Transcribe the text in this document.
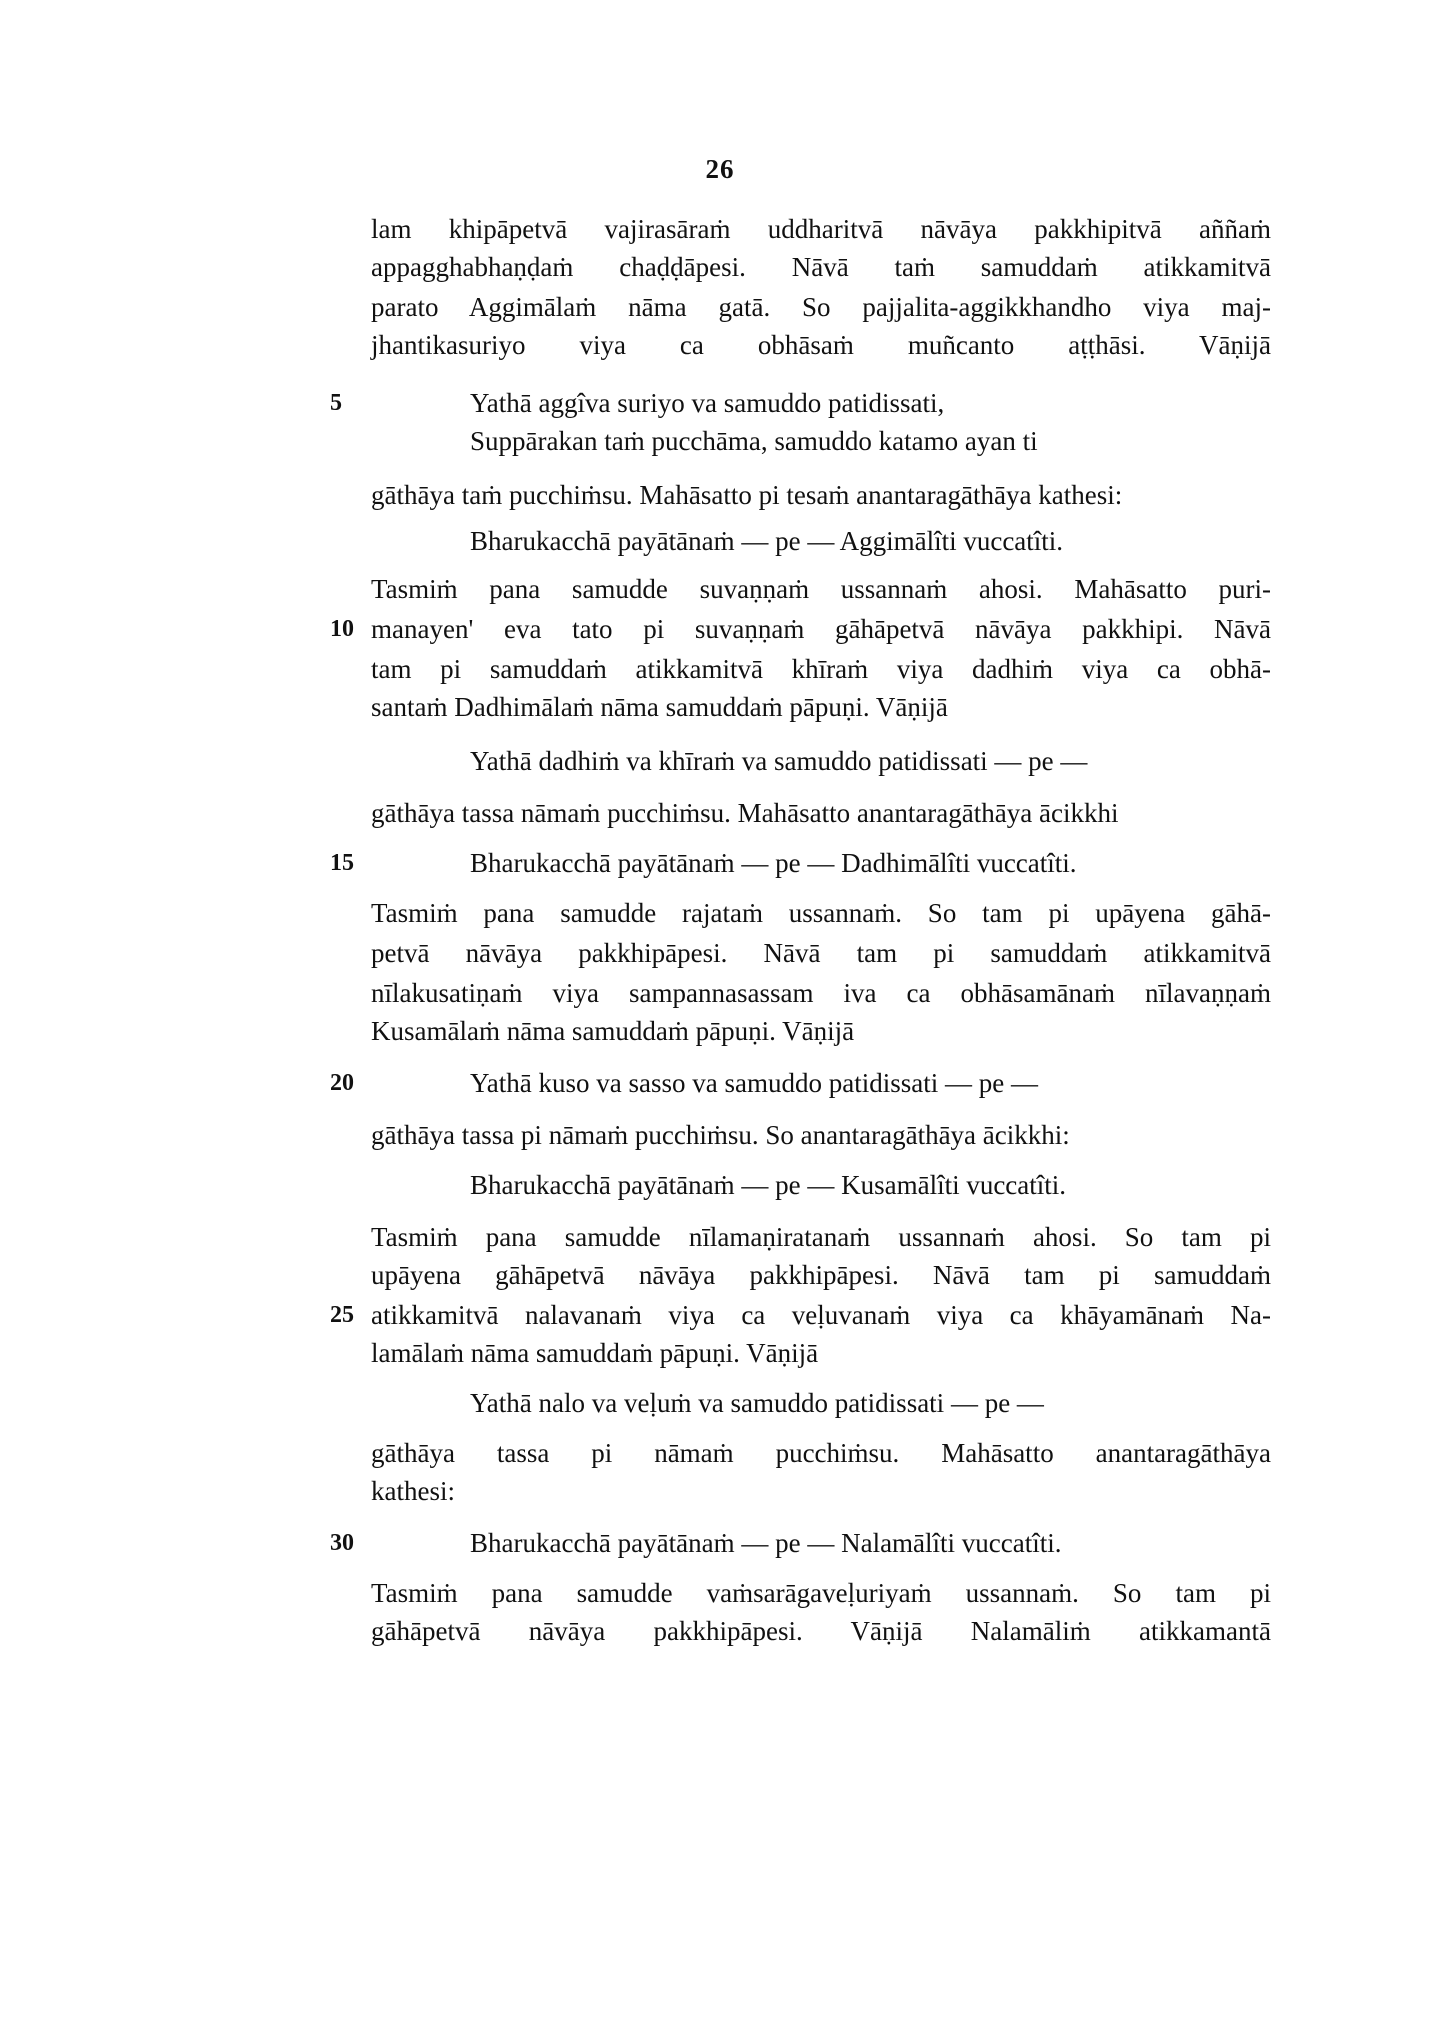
26
lam khipāpetvā vajirasāraṁ uddharitvā nāvāya pakkhipitvā aññaṁ
appagghabhaṇḍaṁ chaḍḍāpesi. Nāvā taṁ samuddaṁ atikkamitvā
parato Aggimālaṁ nāma gatā. So pajjalita-aggikkhandho viya maj-
jhantikasuriyo viya ca obhāsaṁ muñcanto aṭṭhāsi. Vāṇijā
Yathā aggîva suriyo va samuddo patidissati,
Suppārakan taṁ pucchāma, samuddo katamo ayan ti
gāthāya taṁ pucchiṁsu. Mahāsatto pi tesaṁ anantaragāthāya kathesi:
Bharukacchā payātānaṁ — pe — Aggimālîti vuccatîti.
Tasmiṁ pana samudde suvaṇṇaṁ ussannaṁ ahosi. Mahāsatto puri-
manayen' eva tato pi suvaṇṇaṁ gāhāpetvā nāvāya pakkhipi. Nāvā
tam pi samuddaṁ atikkamitvā khīraṁ viya dadhiṁ viya ca obhā-
santaṁ Dadhimālaṁ nāma samuddaṁ pāpuṇi. Vāṇijā
Yathā dadhiṁ va khīraṁ va samuddo patidissati — pe —
gāthāya tassa nāmaṁ pucchiṁsu. Mahāsatto anantaragāthāya ācikkhi
Bharukacchā payātānaṁ — pe — Dadhimālîti vuccatîti.
Tasmiṁ pana samudde rajataṁ ussannaṁ. So tam pi upāyena gāhā-
petvā nāvāya pakkhipāpesi. Nāvā tam pi samuddaṁ atikkamitvā
nīlakusatiṇaṁ viya sampannasassam iva ca obhāsamānaṁ nīlavaṇṇaṁ
Kusamālaṁ nāma samuddaṁ pāpuṇi. Vāṇijā
Yathā kuso va sasso va samuddo patidissati — pe —
gāthāya tassa pi nāmaṁ pucchiṁsu. So anantaragāthāya ācikkhi:
Bharukacchā payātānaṁ — pe — Kusamālîti vuccatîti.
Tasmiṁ pana samudde nīlamaṇiratanaṁ ussannaṁ ahosi. So tam pi
upāyena gāhāpetvā nāvāya pakkhipāpesi. Nāvā tam pi samuddaṁ
atikkamitvā nalavanaṁ viya ca veḷuvanaṁ viya ca khāyamānaṁ Na-
lamālaṁ nāma samuddaṁ pāpuṇi. Vāṇijā
Yathā nalo va veḷuṁ va samuddo patidissati — pe —
gāthāya tassa pi nāmaṁ pucchiṁsu. Mahāsatto anantaragāthāya
kathesi:
Bharukacchā payātānaṁ — pe — Nalamālîti vuccatîti.
Tasmiṁ pana samudde vaṁsarāgaveḷuriyaṁ ussannaṁ. So tam pi
gāhāpetvā nāvāya pakkhipāpesi. Vāṇijā Nalamāliṁ atikkamantā
5
10
15
20
25
30
